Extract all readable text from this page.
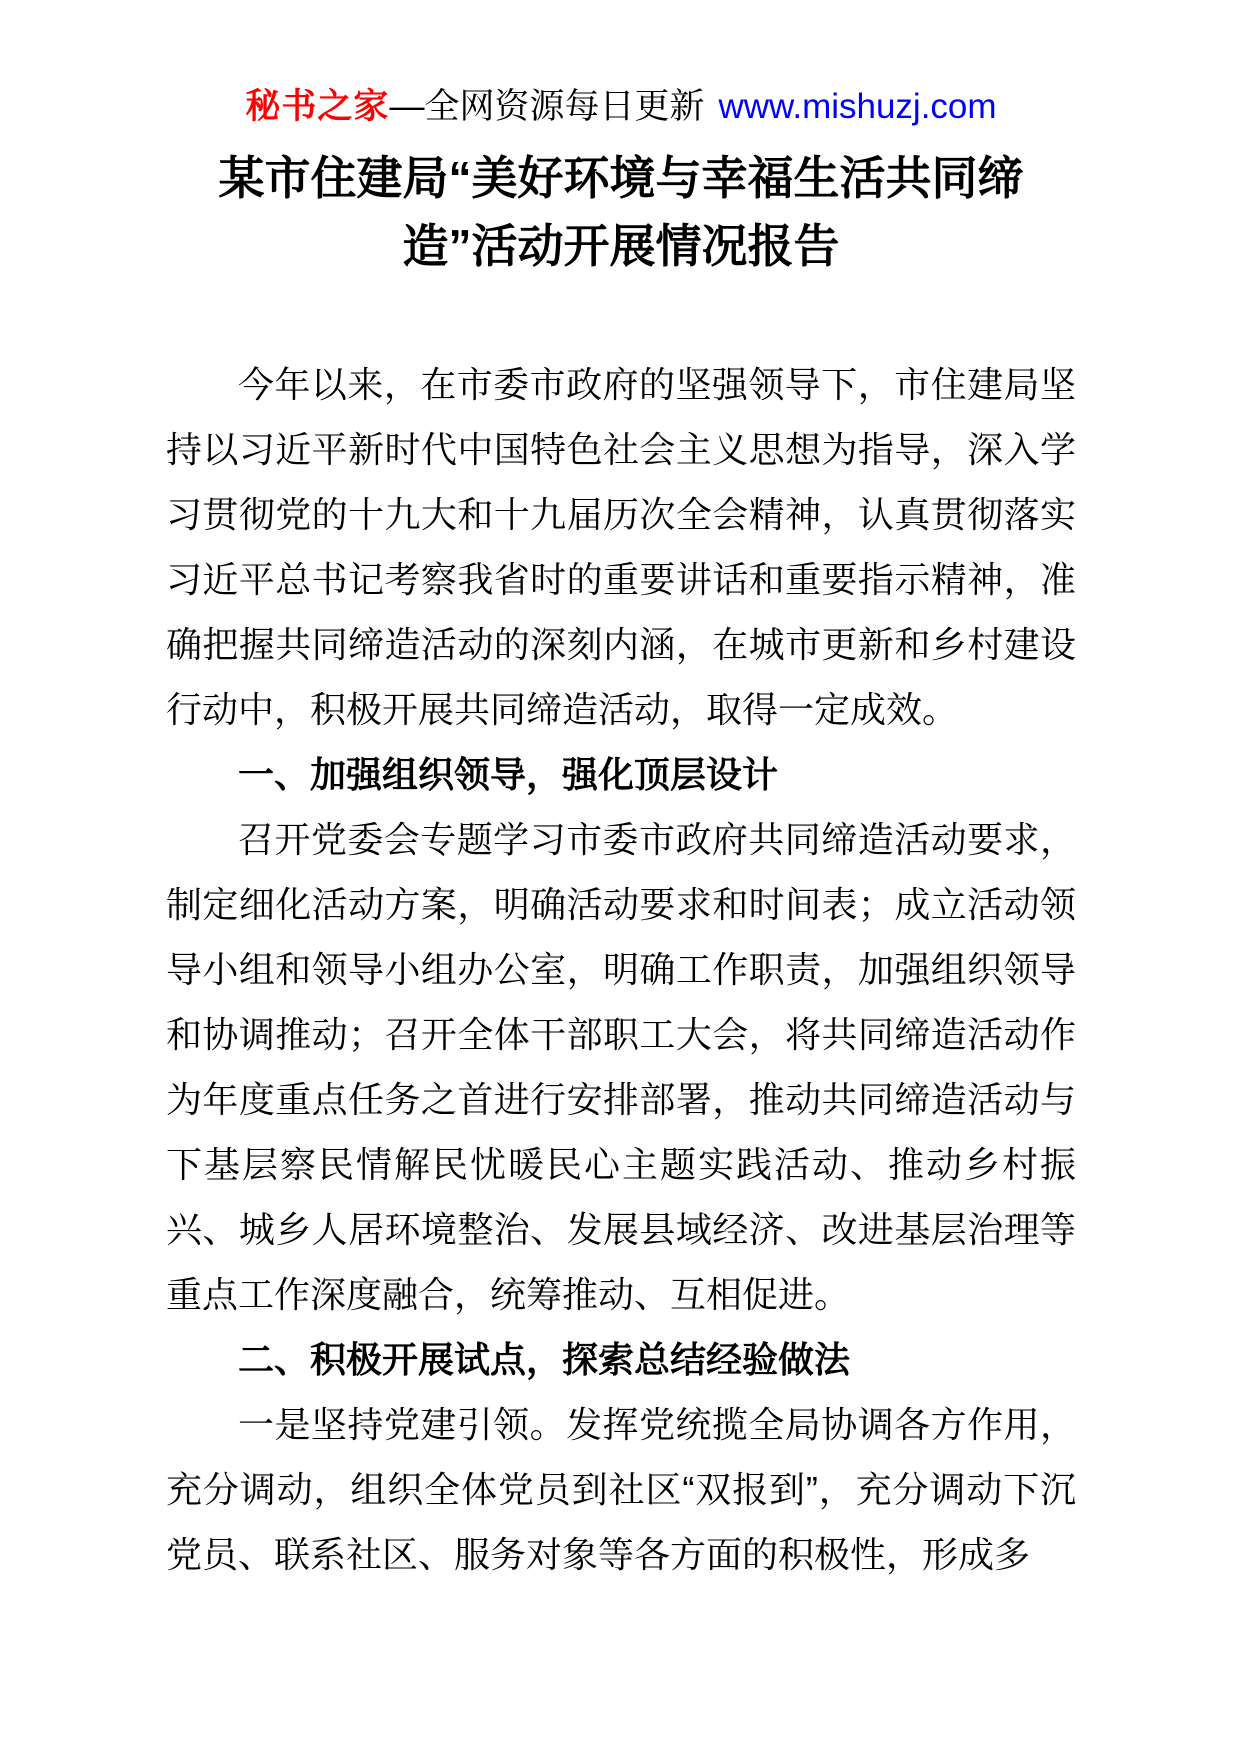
秘书之家—全网资源每日更新 www.mishuzj.com
某市住建局“美好环境与幸福生活共同缔造”活动开展情况报告

今年以来，在市委市政府的坚强领导下，市住建局坚持以习近平新时代中国特色社会主义思想为指导，深入学习贯彻党的十九大和十九届历次全会精神，认真贯彻落实习近平总书记考察我省时的重要讲话和重要指示精神，准确把握共同缔造活动的深刻内涵，在城市更新和乡村建设行动中，积极开展共同缔造活动，取得一定成效。

一、加强组织领导，强化顶层设计

召开党委会专题学习市委市政府共同缔造活动要求，制定细化活动方案，明确活动要求和时间表；成立活动领导小组和领导小组办公室，明确工作职责，加强组织领导和协调推动；召开全体干部职工大会，将共同缔造活动作为年度重点任务之首进行安排部署，推动共同缔造活动与下基层察民情解民忧暖民心主题实践活动、推动乡村振兴、城乡人居环境整治、发展县域经济、改进基层治理等重点工作深度融合，统筹推动、互相促进。

二、积极开展试点，探索总结经验做法

一是坚持党建引领。发挥党统揽全局协调各方作用，充分调动，组织全体党员到社区“双报到”，充分调动下沉党员、联系社区、服务对象等各方面的积极性，形成多
